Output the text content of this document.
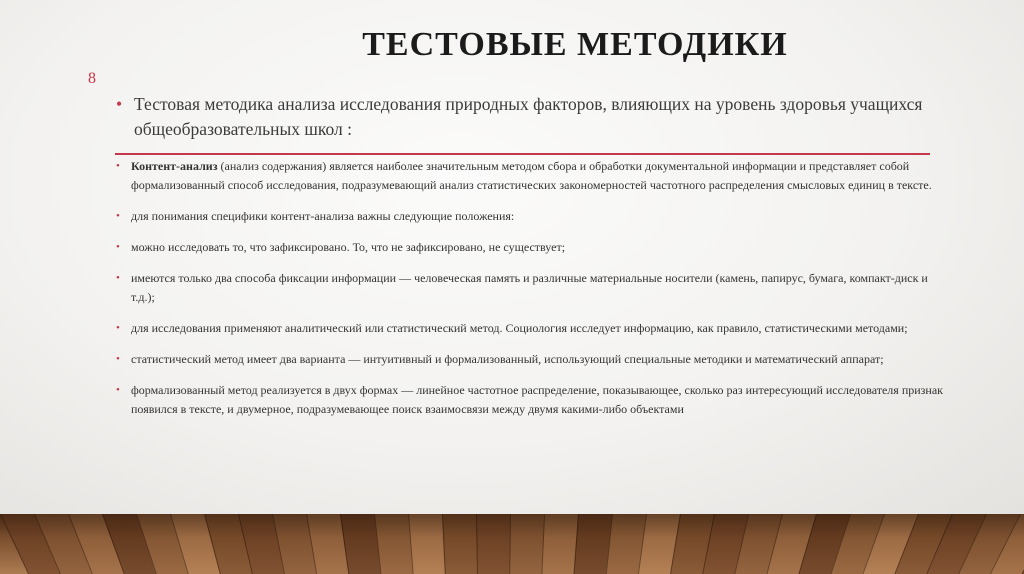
ТЕСТОВЫЕ МЕТОДИКИ
8
• Тестовая методика анализа исследования природных факторов, влияющих на уровень здоровья учащихся общеобразовательных школ :
• Контент-анализ (анализ содержания) является наиболее значительным методом сбора и обработки документальной информации и представляет собой формализованный способ исследования, подразумевающий анализ статистических закономерностей частотного распределения смысловых единиц в тексте.
• для понимания специфики контент-анализа важны следующие положения:
• можно исследовать то, что зафиксировано. То, что не зафиксировано, не существует;
• имеются только два способа фиксации информации — человеческая память и различные материальные носители (камень, папирус, бумага, компакт-диск и т.д.);
• для исследования применяют аналитический или статистический метод. Социология исследует информацию, как правило, статистическими методами;
• статистический метод имеет два варианта — интуитивный и формализованный, использующий специальные методики и математический аппарат;
• формализованный метод реализуется в двух формах — линейное частотное распределение, показывающее, сколько раз интересующий исследователя признак появился в тексте, и двумерное, подразумевающее поиск взаимосвязи между двумя какими-либо объектами
